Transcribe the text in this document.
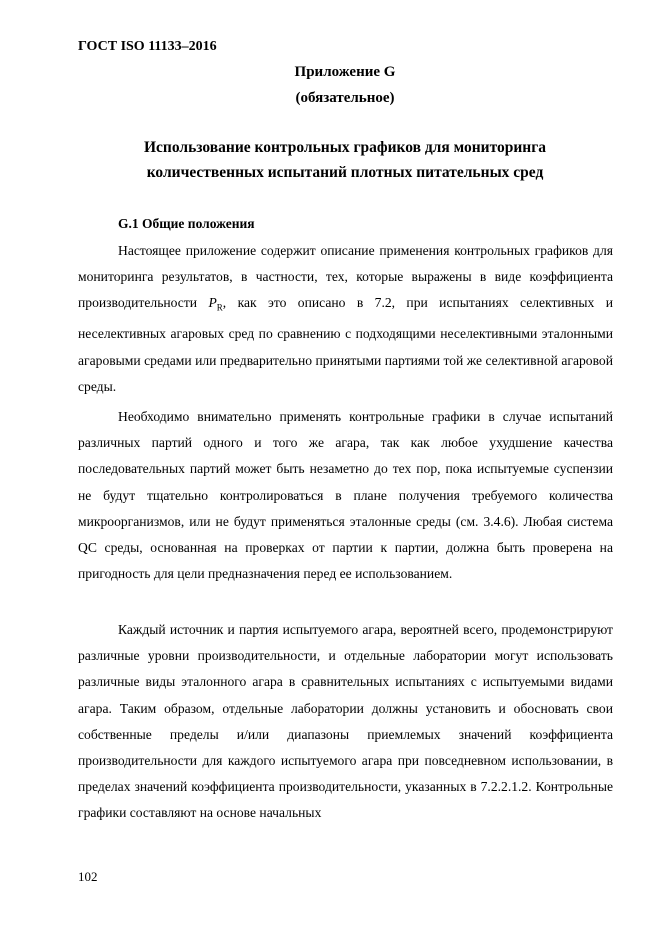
ГОСТ ISO 11133–2016
Приложение G
(обязательное)
Использование контрольных графиков для мониторинга
количественных испытаний плотных питательных сред
G.1 Общие положения

Настоящее приложение содержит описание применения контрольных графиков для мониторинга результатов, в частности, тех, которые выражены в виде коэффициента производительности $P_R$, как это описано в 7.2, при испытаниях селективных и неселективных агаровых сред по сравнению с подходящими неселективными эталонными агаровыми средами или предварительно принятыми партиями той же селективной агаровой среды.

Необходимо внимательно применять контрольные графики в случае испытаний различных партий одного и того же агара, так как любое ухудшение качества последовательных партий может быть незаметно до тех пор, пока испытуемые суспензии не будут тщательно контролироваться в плане получения требуемого количества микроорганизмов, или не будут применяться эталонные среды (см. 3.4.6). Любая система QC среды, основанная на проверках от партии к партии, должна быть проверена на пригодность для цели предназначения перед ее использованием.

Каждый источник и партия испытуемого агара, вероятней всего, продемонстрируют различные уровни производительности, и отдельные лаборатории могут использовать различные виды эталонного агара в сравнительных испытаниях с испытуемыми видами агара. Таким образом, отдельные лаборатории должны установить и обосновать свои собственные пределы и/или диапазоны приемлемых значений коэффициента производительности для каждого испытуемого агара при повседневном использовании, в пределах значений коэффициента производительности, указанных в 7.2.2.1.2. Контрольные графики составляют на основе начальных

102
